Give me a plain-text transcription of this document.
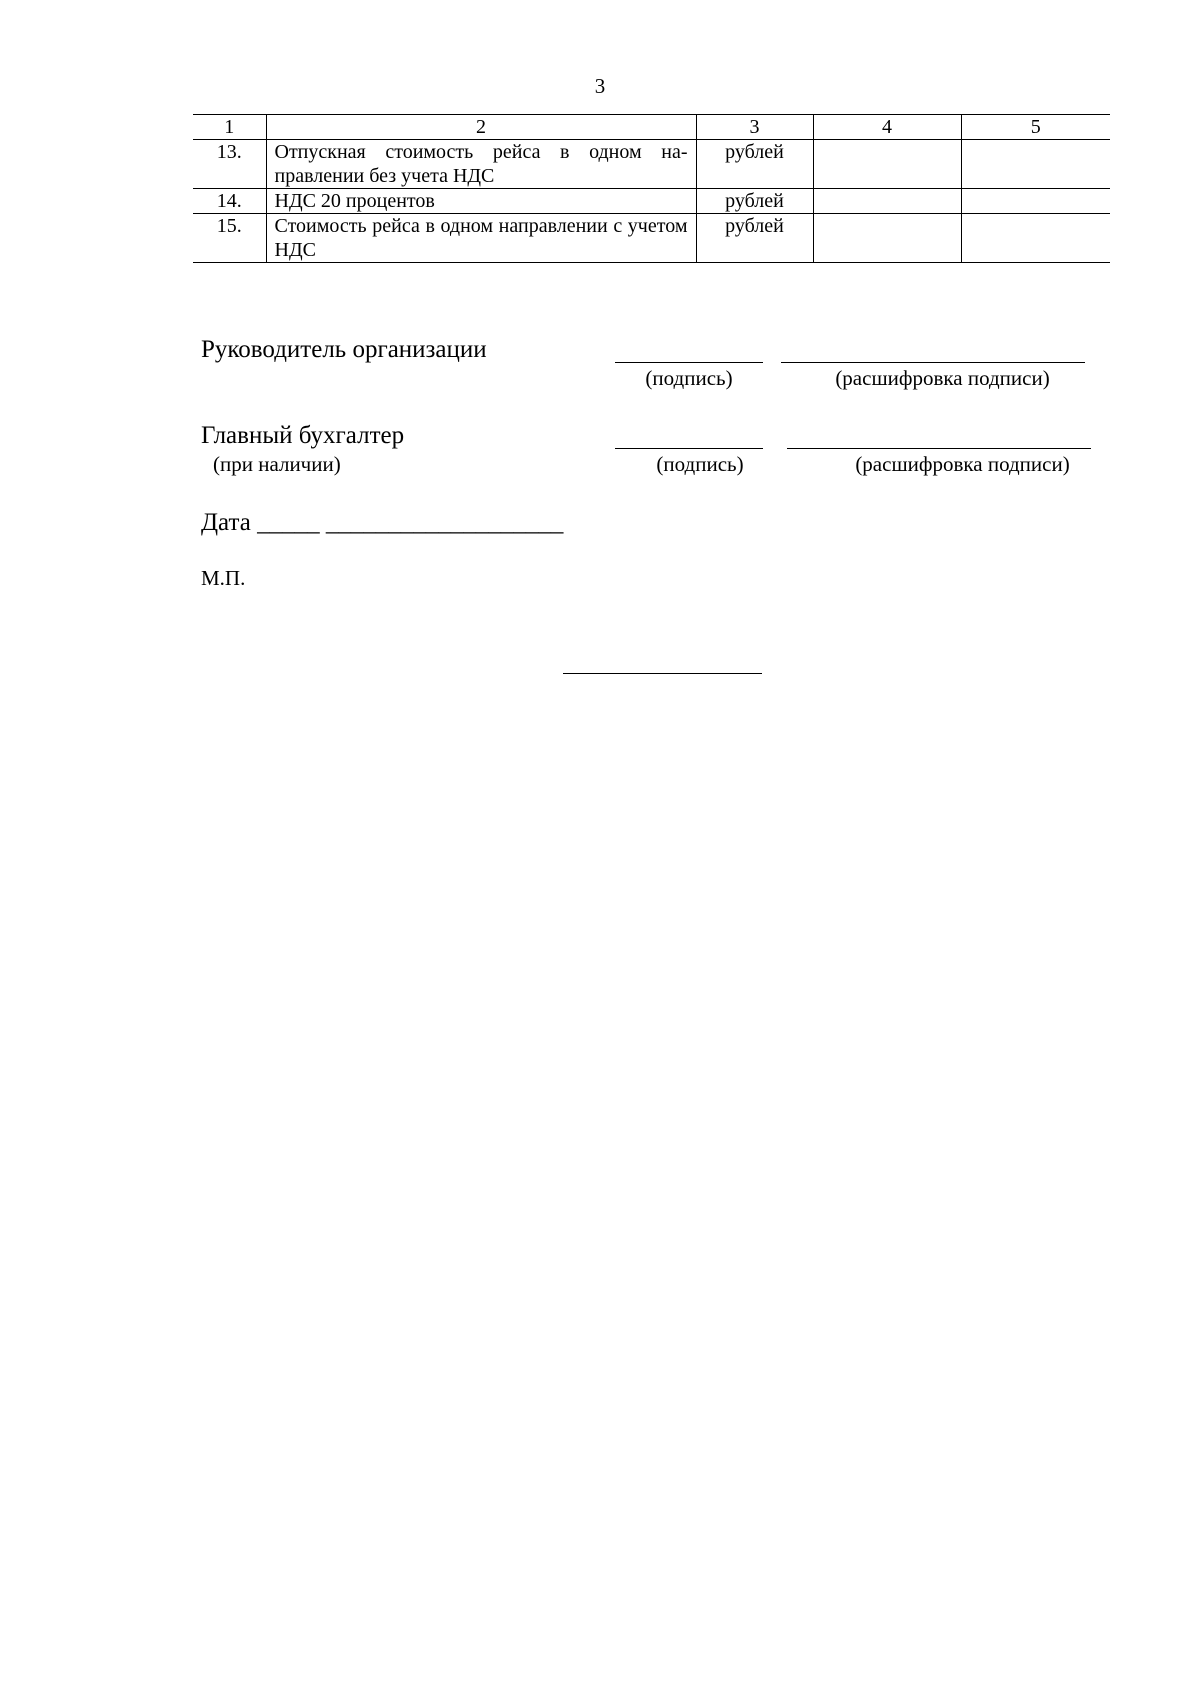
3
1	2	3	4	5
13.	Отпускная стоимость рейса в одном на-правлении без учета НДС	рублей		
14.	НДС 20 процентов	рублей		
15.	Стоимость рейса в одном направлении с учетом НДС	рублей		
Руководитель организации
(подпись)	(расшифровка подписи)
Главный бухгалтер
(при наличии)	(подпись)	(расшифровка подписи)
Дата _____ ___________________
М.П.
